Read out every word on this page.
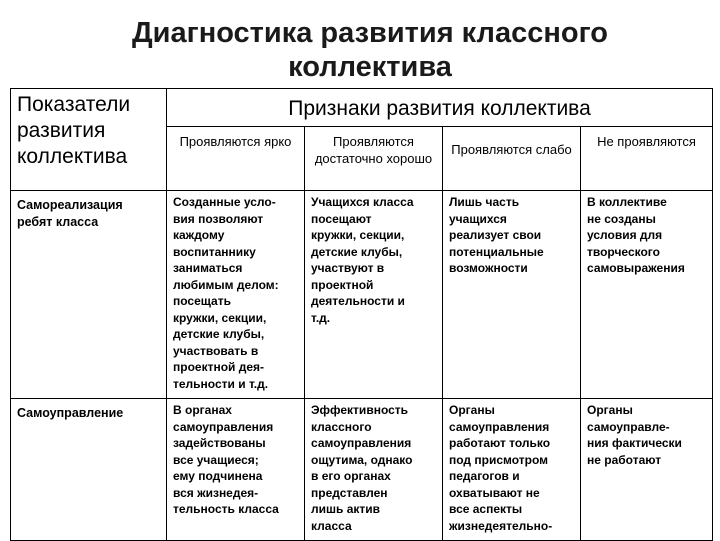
Диагностика развития классного
коллектива
Показатели развития коллектива
Признаки развития коллектива
Проявляются ярко	Проявляются достаточно хорошо
Проявляются слабо
Не проявляются
Самореализация
ребят класса
Созданные усло-
вия позволяют
каждому
воспитаннику
заниматься
любимым делом:
посещать
кружки, секции,
детские клубы,
участвовать в
проектной дея-
тельности и т.д.
Учащихся класса
посещают
кружки, секции,
детские клубы,
участвуют в
проектной
деятельности и
т.д.
Лишь часть
учащихся
реализует свои
потенциальные
возможности
В коллективе
не созданы
условия для
творческого
самовыражения
Самоуправление	В органах
самоуправления
задействованы
все учащиеся;
ему подчинена
вся жизнедея-
тельность класса
Эффективность
классного
самоуправления
ощутима, однако
в его органах
представлен
лишь актив
класса
Органы
самоуправления
работают только
под присмотром
педагогов и
охватывают не
все аспекты
жизнедеятельно-
Органы
самоуправле-
ния фактически
не работают
